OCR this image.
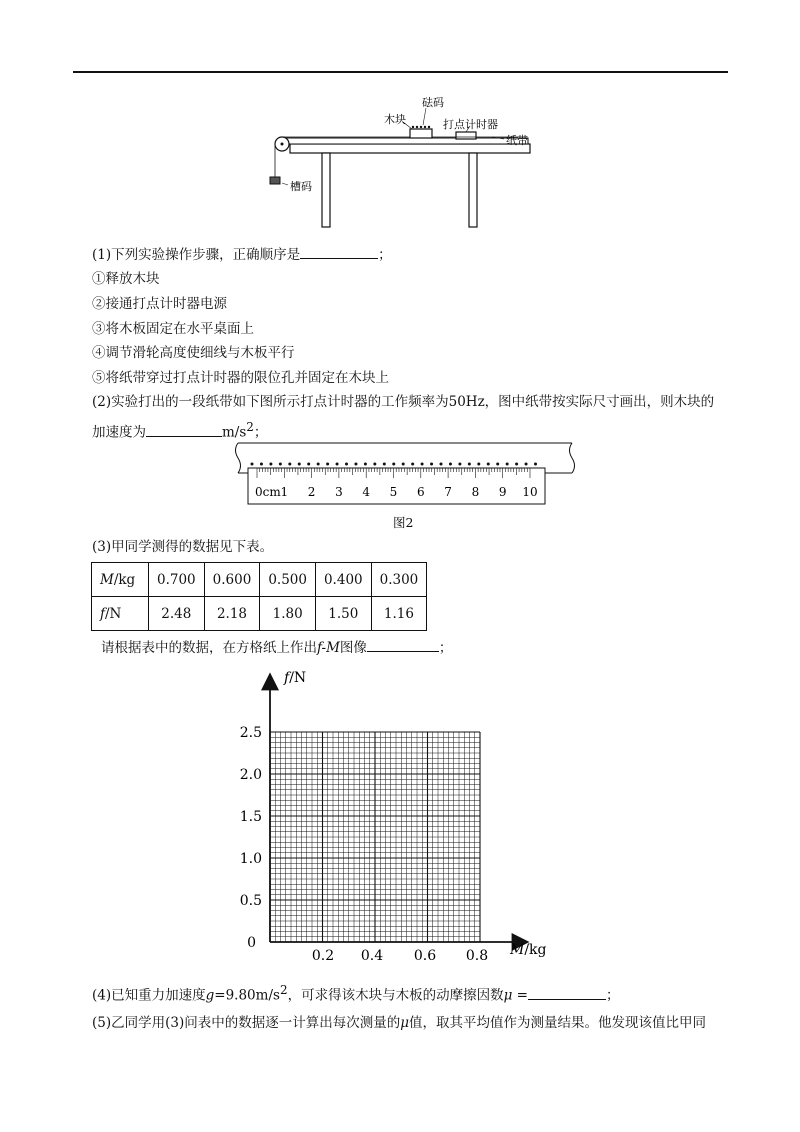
砝码
木块	打点计时器
纸带
槽码
(1)下列实验操作步骤，正确顺序是	；
①释放木块
②接通打点计时器电源
③将木板固定在水平桌面上
④调节滑轮高度使细线与木板平行
⑤将纸带穿过打点计时器的限位孔并固定在木块上
(2)实验打出的一段纸带如下图所示打点计时器的工作频率为50Hz，图中纸带按实际尺寸画出，则木块的
加速度为	$m/s^2$；
0cm 1 2 3 4 5 6 7 8 9 10
图2
(3)甲同学测得的数据见下表。
M/kg	0.700	0.600	0.500	0.400	0.300
f/N	2.48	2.18	1.80	1.50	1.16
请根据表中的数据，在方格纸上作出f-M图像	；
f/N
M/kg
0
0.5
1.0
1.5
2.0
2.5
0.2 0.4 0.6 0.8
(4)已知重力加速度$g=9.80m/s^2$，可求得该木块与木板的动摩擦因数μ =	；
(5)乙同学用(3)问表中的数据逐一计算出每次测量的μ值，取其平均值作为测量结果。他发现该值比甲同
